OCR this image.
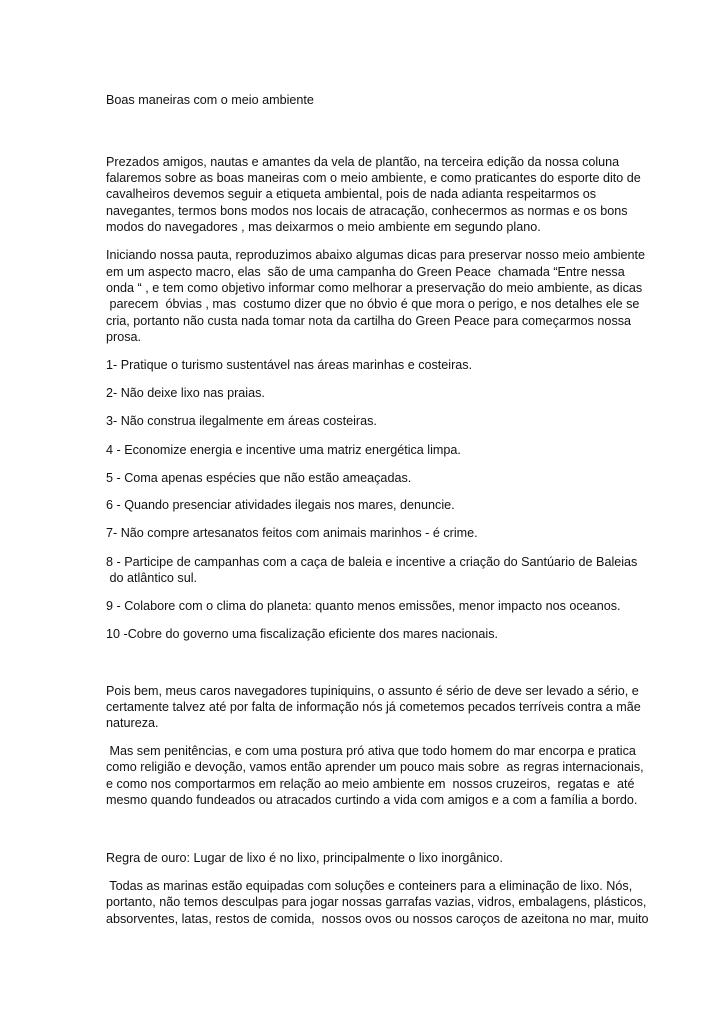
Boas maneiras com o meio ambiente

Prezados amigos, nautas e amantes da vela de plantão, na terceira edição da nossa coluna

falaremos sobre as boas maneiras com o meio ambiente, e como praticantes do esporte dito de

cavalheiros devemos seguir a etiqueta ambiental, pois de nada adianta respeitarmos os

navegantes, termos bons modos nos locais de atracação, conhecermos as normas e os bons

modos do navegadores , mas deixarmos o meio ambiente em segundo plano.

Iniciando nossa pauta, reproduzimos abaixo algumas dicas para preservar nosso meio ambiente

em um aspecto macro, elas  são de uma campanha do Green Peace  chamada “Entre nessa

onda “ , e tem como objetivo informar como melhorar a preservação do meio ambiente, as dicas

parecem  óbvias , mas  costumo dizer que no óbvio é que mora o perigo, e nos detalhes ele se

cria, portanto não custa nada tomar nota da cartilha do Green Peace para começarmos nossa

prosa.

1- Pratique o turismo sustentável nas áreas marinhas e costeiras.

2- Não deixe lixo nas praias.

3- Não construa ilegalmente em áreas costeiras.

4 - Economize energia e incentive uma matriz energética limpa.

5 - Coma apenas espécies que não estão ameaçadas.

6 - Quando presenciar atividades ilegais nos mares, denuncie.

7- Não compre artesanatos feitos com animais marinhos - é crime.

8 - Participe de campanhas com a caça de baleia e incentive a criação do Santúario de Baleias

do atlântico sul.

9 - Colabore com o clima do planeta: quanto menos emissões, menor impacto nos oceanos.

10 -Cobre do governo uma fiscalização eficiente dos mares nacionais.

Pois bem, meus caros navegadores tupiniquins, o assunto é sério de deve ser levado a sério, e

certamente talvez até por falta de informação nós já cometemos pecados terríveis contra a mãe

natureza.

Mas sem penitências, e com uma postura pró ativa que todo homem do mar encorpa e pratica

como religião e devoção, vamos então aprender um pouco mais sobre  as regras internacionais,

e como nos comportarmos em relação ao meio ambiente em  nossos cruzeiros,  regatas e  até

mesmo quando fundeados ou atracados curtindo a vida com amigos e a com a família a bordo.

Regra de ouro: Lugar de lixo é no lixo, principalmente o lixo inorgânico.

Todas as marinas estão equipadas com soluções e conteiners para a eliminação de lixo. Nós,

portanto, não temos desculpas para jogar nossas garrafas vazias, vidros, embalagens, plásticos,

absorventes, latas, restos de comida,  nossos ovos ou nossos caroços de azeitona no mar, muito
